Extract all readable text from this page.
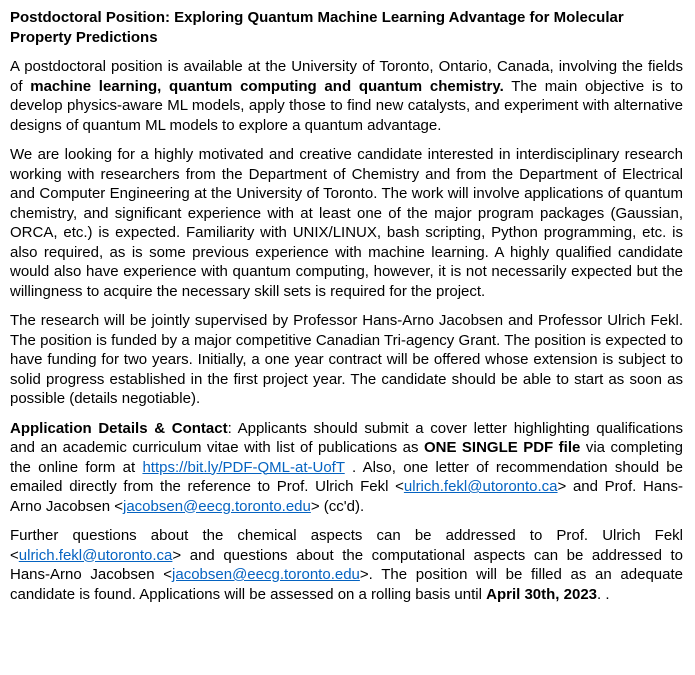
Postdoctoral Position: Exploring Quantum Machine Learning Advantage for Molecular Property Predictions

A postdoctoral position is available at the University of Toronto, Ontario, Canada, involving the fields of machine learning, quantum computing and quantum chemistry. The main objective is to develop physics-aware ML models, apply those to find new catalysts, and experiment with alternative designs of quantum ML models to explore a quantum advantage.

We are looking for a highly motivated and creative candidate interested in interdisciplinary research working with researchers from the Department of Chemistry and from the Department of Electrical and Computer Engineering at the University of Toronto. The work will involve applications of quantum chemistry, and significant experience with at least one of the major program packages (Gaussian, ORCA, etc.) is expected. Familiarity with UNIX/LINUX, bash scripting, Python programming, etc. is also required, as is some previous experience with machine learning. A highly qualified candidate would also have experience with quantum computing, however, it is not necessarily expected but the willingness to acquire the necessary skill sets is required for the project.

The research will be jointly supervised by Professor Hans-Arno Jacobsen and Professor Ulrich Fekl. The position is funded by a major competitive Canadian Tri-agency Grant. The position is expected to have funding for two years. Initially, a one year contract will be offered whose extension is subject to solid progress established in the first project year. The candidate should be able to start as soon as possible (details negotiable).

Application Details & Contact: Applicants should submit a cover letter highlighting qualifications and an academic curriculum vitae with list of publications as ONE SINGLE PDF file via completing the online form at https://bit.ly/PDF-QML-at-UofT . Also, one letter of recommendation should be emailed directly from the reference to Prof. Ulrich Fekl <ulrich.fekl@utoronto.ca> and Prof. Hans-Arno Jacobsen <jacobsen@eecg.toronto.edu> (cc'd).

Further questions about the chemical aspects can be addressed to Prof. Ulrich Fekl <ulrich.fekl@utoronto.ca> and questions about the computational aspects can be addressed to Hans-Arno Jacobsen <jacobsen@eecg.toronto.edu>. The position will be filled as an adequate candidate is found. Applications will be assessed on a rolling basis until April 30th, 2023. .
